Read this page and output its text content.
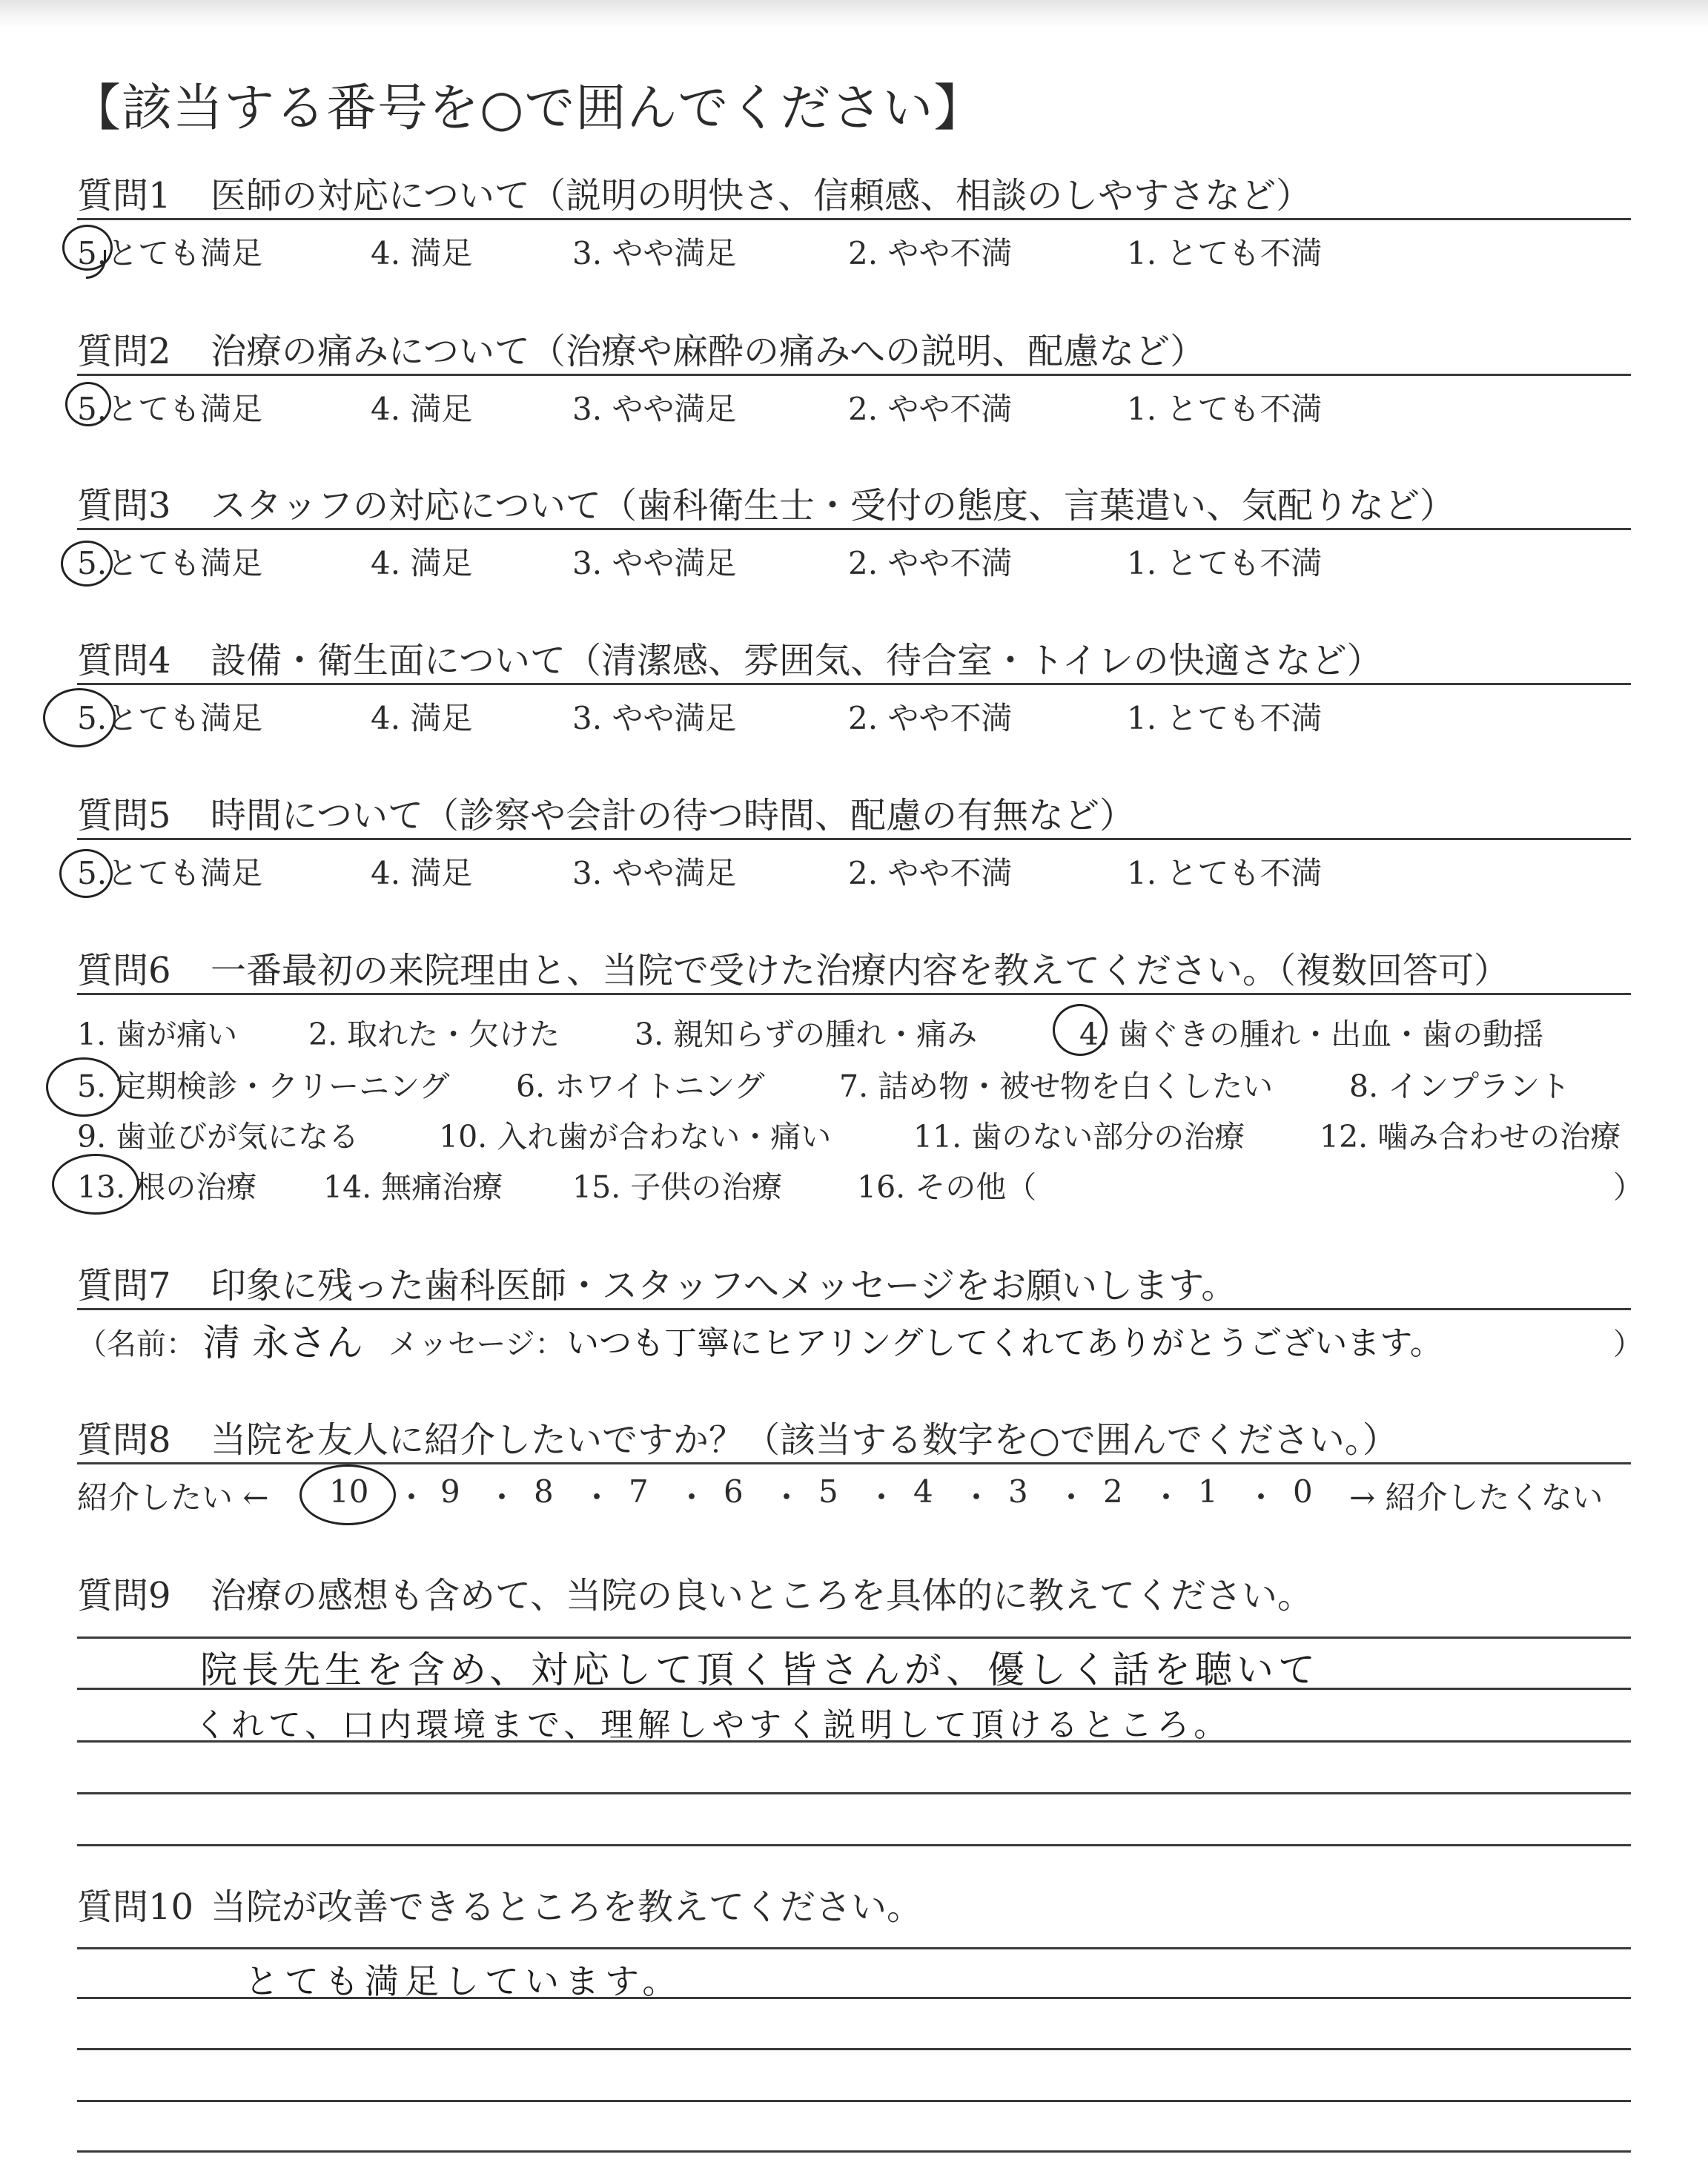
【該当する番号を○で囲んでください】
質問1	医師の対応について（説明の明快さ、信頼感、相談のしやすさなど）
5.とても満足	4. 満足	3. やや満足	2. やや不満	1. とても不満
質問2	治療の痛みについて（治療や麻酔の痛みへの説明、配慮など）
5.とても満足	4. 満足	3. やや満足	2. やや不満	1. とても不満
質問3	スタッフの対応について（歯科衛生士・受付の態度、言葉遣い、気配りなど）
5.とても満足	4. 満足	3. やや満足	2. やや不満	1. とても不満
質問4	設備・衛生面について（清潔感、雰囲気、待合室・トイレの快適さなど）
5.とても満足	4. 満足	3. やや満足	2. やや不満	1. とても不満
質問5	時間について（診察や会計の待つ時間、配慮の有無など）
5.とても満足	4. 満足	3. やや満足	2. やや不満	1. とても不満
質問6	一番最初の来院理由と、当院で受けた治療内容を教えてください。（複数回答可）
1. 歯が痛い 2. 取れた・欠けた 3. 親知らずの腫れ・痛み	4. 歯ぐきの腫れ・出血・歯の動揺
5. 定期検診・クリーニング 6. ホワイトニング 7. 詰め物・被せ物を白くしたい	8. インプラント
9. 歯並びが気になる	10. 入れ歯が合わない・痛い	11. 歯のない部分の治療 12. 噛み合わせの治療
13. 根の治療 14. 無痛治療 15. 子供の治療 16. その他（	）
質問7	印象に残った歯科医師・スタッフへメッセージをお願いします。
（名前： 清 永さん メッセージ： いつも丁寧にヒアリングしてくれてありがとうございます。	）
質問8	当院を友人に紹介したいですか？（該当する数字を○で囲んでください。）
紹介したい ← 10 ・ 9 ・ 8 ・ 7 ・ 6 ・ 5 ・ 4 ・ 3 ・ 2 ・ 1 ・ 0 → 紹介したくない
質問9	治療の感想も含めて、当院の良いところを具体的に教えてください。
院長先生を含め、対応して頂く皆さんが、優しく話を聴いて
くれて、口内環境まで、理解しやすく説明して頂けるところ。
質問10 当院が改善できるところを教えてください。
とても満足しています。
